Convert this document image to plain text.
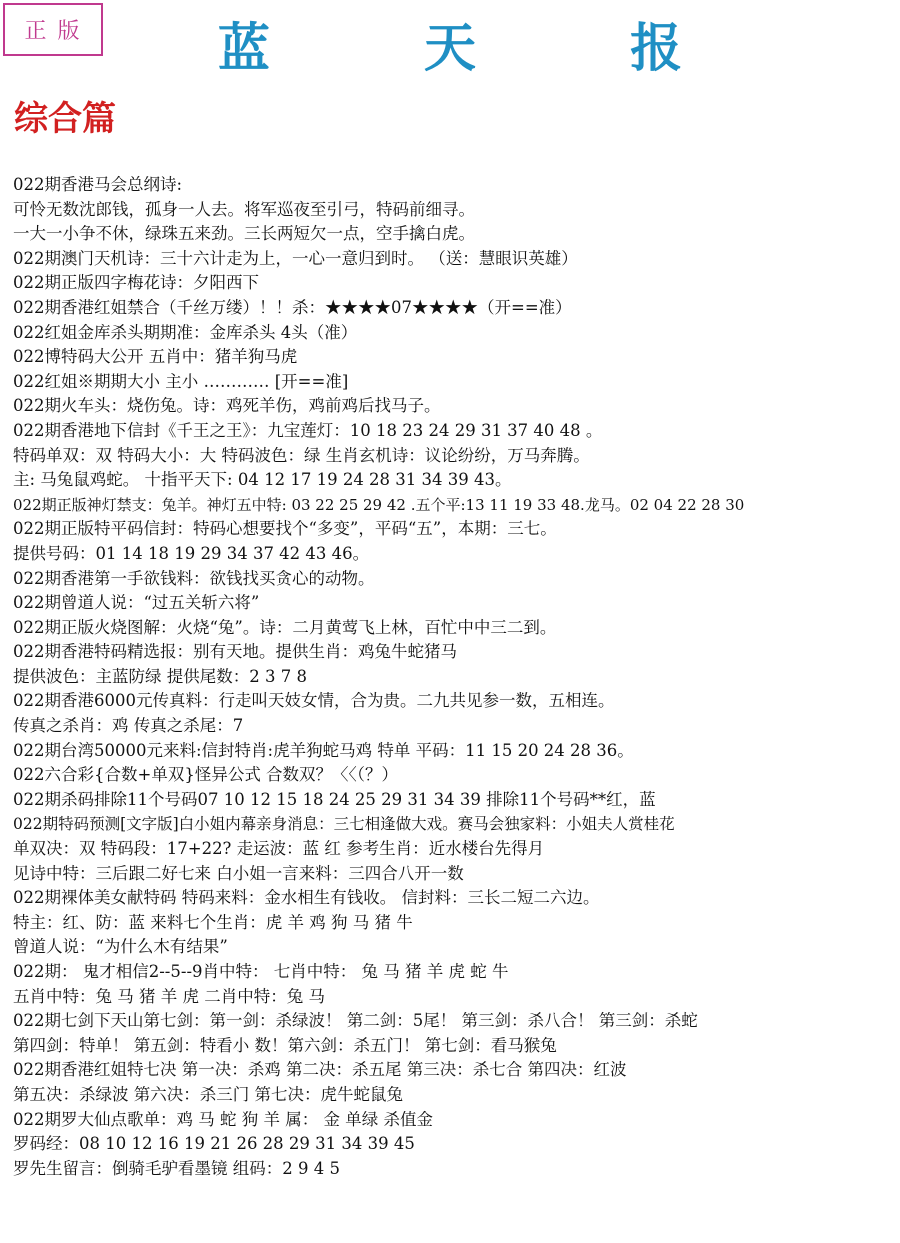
正 版	蓝 天 报
综合篇
022期香港马会总纲诗:
可怜无数沈郎钱，孤身一人去。将军巡夜至引弓，特码前细寻。
一大一小争不休，绿珠五来劲。三长两短欠一点，空手擒白虎。
022期澳门天机诗：三十六计走为上，一心一意归到时。 （送：慧眼识英雄）
022期正版四字梅花诗：夕阳西下
022期香港红姐禁合（千丝万缕）！！杀：★★★★07★★★★（开==准）
022红姐金库杀头期期准：金库杀头 4头（准）
022博特码大公开 五肖中：猪羊狗马虎
022红姐※期期大小 主小 ………… [开==准]
022期火车头：烧伤兔。诗：鸡死羊伤，鸡前鸡后找马子。
022期香港地下信封《千王之王》：九宝莲灯：10 18 23 24 29 31 37 40 48 。
特码单双：双 特码大小：大 特码波色：绿 生肖玄机诗：议论纷纷，万马奔腾。
主: 马兔鼠鸡蛇。 十指平天下: 04 12 17 19 24 28 31 34 39 43。
022期正版神灯禁支：兔羊。神灯五中特: 03 22 25 29 42 .五个平:13 11 19 33 48.龙马。02 04 22 28 30
022期正版特平码信封：特码心想要找个“多变”，平码“五”，本期：三七。
提供号码：01 14 18 19 29 34 37 42 43 46。
022期香港第一手欲钱料：欲钱找买贪心的动物。
022期曾道人说：“过五关斩六将”
022期正版火烧图解：火烧“兔”。诗：二月黄莺飞上林，百忙中中三二到。
022期香港特码精选报：别有天地。提供生肖：鸡兔牛蛇猪马
提供波色：主蓝防绿 提供尾数：2 3 7 8
022期香港6000元传真料：行走叫天妓女情，合为贵。二九共见参一数，五相连。
传真之杀肖：鸡 传真之杀尾：7
022期台湾50000元来料:信封特肖:虎羊狗蛇马鸡 特单 平码：11 15 20 24 28 36。
022六合彩{合数+单双}怪异公式 合数双？〈〈（？）
022期杀码排除11个号码07 10 12 15 18 24 25 29 31 34 39 排除11个号码**红，蓝
022期特码预测[文字版]白小姐内幕亲身消息：三七相逢做大戏。赛马会独家料：小姐夫人赏桂花
单双决：双 特码段：17+22? 走运波：蓝 红 参考生肖：近水楼台先得月
见诗中特：三后跟二好七来 白小姐一言来料：三四合八开一数
022期裸体美女献特码 特码来料：金水相生有钱收。 信封料：三长二短二六边。
特主：红、防：蓝 来料七个生肖：虎 羊 鸡 狗 马 猪 牛
曾道人说：“为什么木有结果”
022期： 鬼才相信2--5--9肖中特： 七肖中特： 兔 马 猪 羊 虎 蛇 牛
五肖中特：兔 马 猪 羊 虎 二肖中特：兔 马
022期七剑下天山第七剑：第一剑：杀绿波！ 第二剑：5尾！ 第三剑：杀八合！ 第三剑：杀蛇
第四剑：特单！ 第五剑：特看小 数！第六剑：杀五门！ 第七剑：看马猴兔
022期香港红姐特七决 第一决：杀鸡 第二决：杀五尾 第三决：杀七合 第四决：红波
第五决：杀绿波 第六决：杀三门 第七决：虎牛蛇鼠兔
022期罗大仙点歌单：鸡 马 蛇 狗 羊 属： 金 单绿 杀值金
罗码经：08 10 12 16 19 21 26 28 29 31 34 39 45
罗先生留言：倒骑毛驴看墨镜 组码：2 9 4 5
